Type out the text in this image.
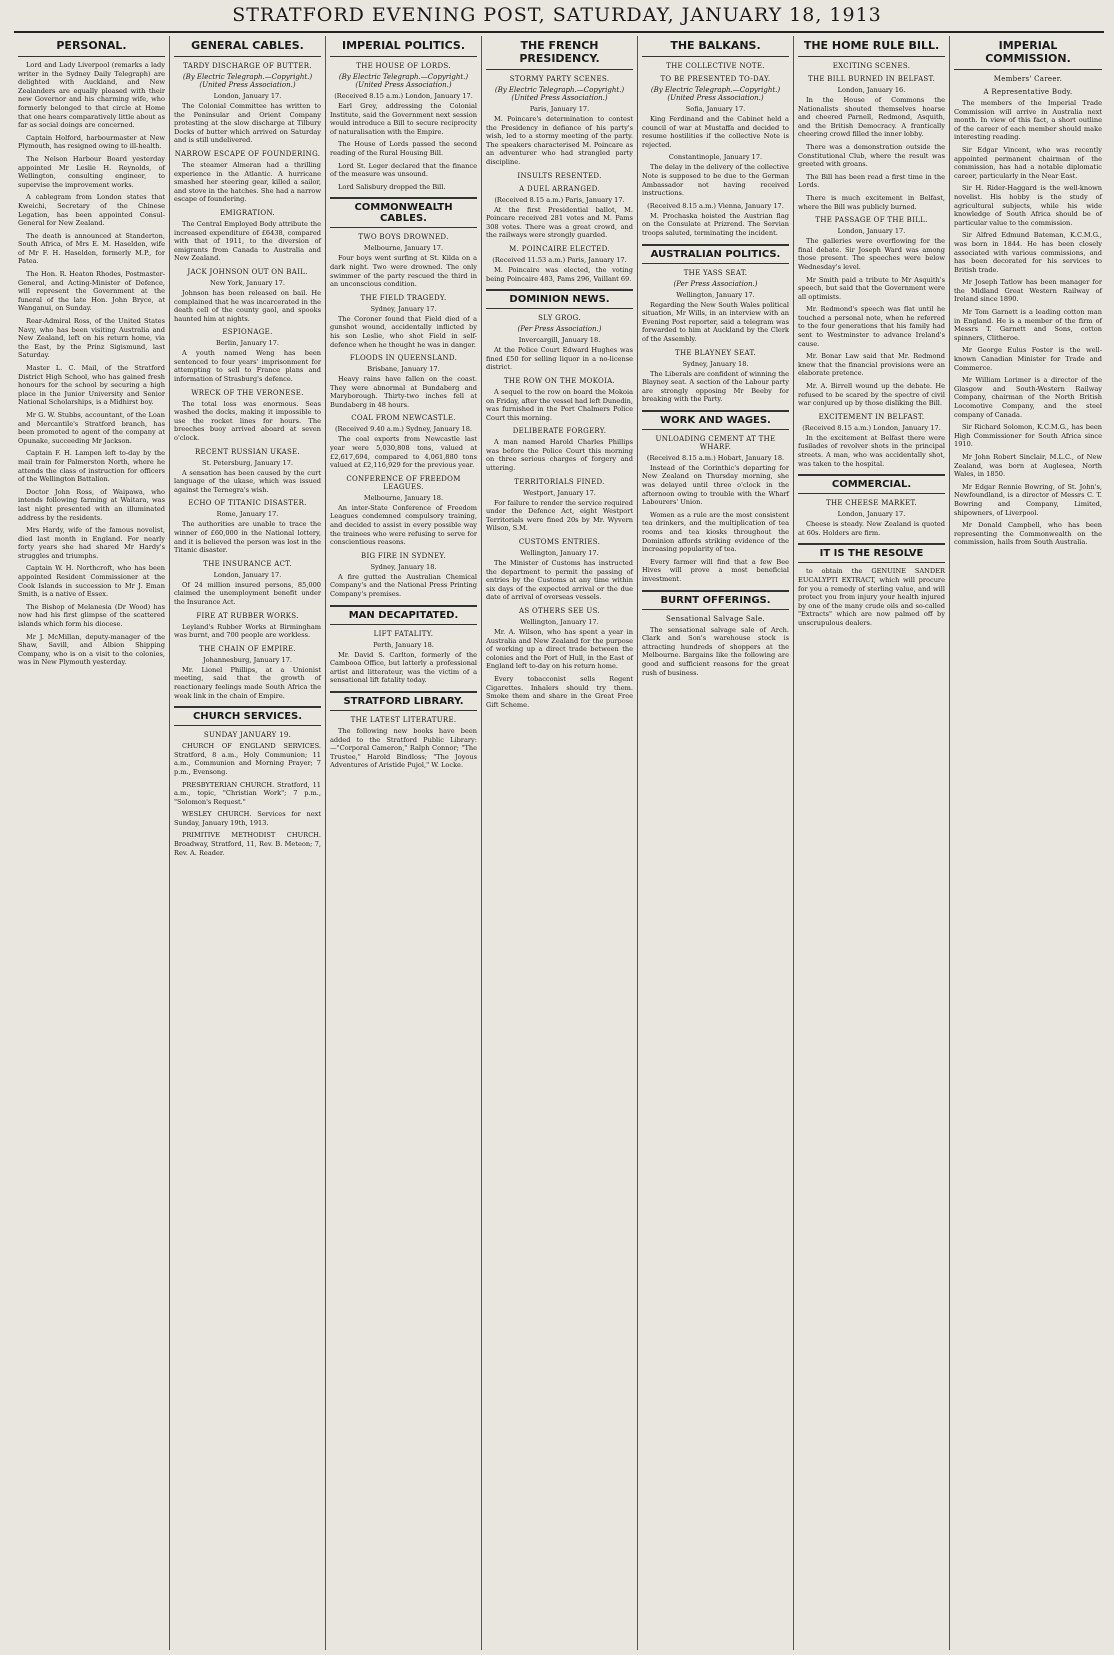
STRATFORD EVENING POST, SATURDAY, JANUARY 18, 1913
PERSONAL.

Lord and Lady Liverpool (remarks a lady writer in the Sydney Daily Telegraph) are delighted with Auckland, and New Zealanders are equally pleased with their new Governor and his charming wife, who formerly belonged to that circle at Home that one hears comparatively little about as far as social doings are concerned.

Captain Holford, harbourmaster at New Plymouth, has resigned owing to ill-health.

The Nelson Harbour Board yesterday appointed Mr Leslie H. Reynolds, of Wellington, consulting engineer, to supervise the improvement works.

A cablegram from London states that Kweichi, Secretary of the Chinese Legation, has been appointed Consul-General for New Zealand.

The death is announced at Standerton, South Africa, of Mrs E. M. Haselden, wife of Mr F. H. Haselden, formerly M.P., for Patea.

The Hon. R. Heaton Rhodes, Postmaster-General, and Acting-Minister of Defence, will represent the Government at the funeral of the late Hon. John Bryce, at Wanganui, on Sunday.

Rear-Admiral Ross, of the United States Navy, who has been visiting Australia and New Zealand, left on his return home, via the East, by the Prinz Sigismund, last Saturday.

Master L. C. Mail, of the Stratford District High School, who has gained fresh honours for the school by securing a high place in the Junior University and Senior National Scholarships, is a Midhirst boy.

Mr G. W. Stubbs, accountant, of the Loan and Mercantile's Stratford branch, has been promoted to agent of the company at Opunake, succeeding Mr Jackson.

Captain F. H. Lampen left to-day by the mail train for Palmerston North, where he attends the class of instruction for officers of the Wellington Battalion.

Doctor John Ross, of Waipawa, who intends following farming at Waitara, was last night presented with an illuminated address by the residents.

Mrs Hardy, wife of the famous novelist, died last month in England. For nearly forty years she had shared Mr Hardy's struggles and triumphs.

Captain W. H. Northcroft, who has been appointed Resident Commissioner at the Cook Islands in succession to Mr J. Eman Smith, is a native of Essex.

The Bishop of Melanesia (Dr Wood) has now had his first glimpse of the scattered islands which form his diocese.

Mr J. McMillan, deputy-manager of the Shaw, Savill, and Albion Shipping Company, who is on a visit to the colonies, was in New Plymouth yesterday.

GENERAL CABLES.
TARDY DISCHARGE OF BUTTER.
(By Electric Telegraph.—Copyright.) (United Press Association.)
London, January 17.

The Colonial Committee has written to the Peninsular and Orient Company protesting at the slow discharge at Tilbury Docks of butter which arrived on Saturday and is still undelivered.

NARROW ESCAPE OF FOUNDERING.

The steamer Almeran had a thrilling experience in the Atlantic. A hurricane smashed her steering gear, killed a sailor, and stove in the hatches. She had a narrow escape of foundering.

EMIGRATION.

The Central Employed Body attribute the increased expenditure of £6438, compared with that of 1911, to the diversion of emigrants from Canada to Australia and New Zealand.

JACK JOHNSON OUT ON BAIL.
New York, January 17.

Johnson has been released on bail. He complained that he was incarcerated in the death cell of the county gaol, and spooks haunted him at nights.

ESPIONAGE.
Berlin, January 17.

A youth named Weng has been sentenced to four years' imprisonment for attempting to sell to France plans and information of Strasburg's defence.

WRECK OF THE VERONESE.

The total loss was enormous. Seas washed the docks, making it impossible to use the rocket lines for hours. The breeches buoy arrived aboard at seven o'clock.

RECENT RUSSIAN UKASE.
St. Petersburg, January 17.

A sensation has been caused by the curt language of the ukase, which was issued against the Ternegra's wish.

ECHO OF TITANIC DISASTER.
Rome, January 17.

The authorities are unable to trace the winner of £60,000 in the National lottery, and it is believed the person was lost in the Titanic disaster.

THE INSURANCE ACT.
London, January 17.

Of 24 million insured persons, 85,000 claimed the unemployment benefit under the Insurance Act.

FIRE AT RUBBER WORKS.

Leyland's Rubber Works at Birmingham was burnt, and 700 people are workless.

THE CHAIN OF EMPIRE.
Johannesburg, January 17.

Mr. Lionel Phillips, at a Unionist meeting, said that the growth of reactionary feelings made South Africa the weak link in the chain of Empire.

CHURCH SERVICES.
SUNDAY JANUARY 19.

CHURCH OF ENGLAND SERVICES. Stratford, 8 a.m., Holy Communion; 11 a.m., Communion and Morning Prayer; 7 p.m., Evensong.

PRESBYTERIAN CHURCH. Stratford, 11 a.m., topic, "Christian Work"; 7 p.m., "Solomon's Request."

WESLEY CHURCH. Services for next Sunday, January 19th, 1913.

PRIMITIVE METHODIST CHURCH. Broadway, Stratford, 11, Rev. B. Meteon; 7, Rev. A. Reader.

IMPERIAL POLITICS.
THE HOUSE OF LORDS.
(By Electric Telegraph.—Copyright.) (United Press Association.)
(Received 8.15 a.m.) London, January 17.

Earl Grey, addressing the Colonial Institute, said the Government next session would introduce a Bill to secure reciprocity of naturalisation with the Empire.

The House of Lords passed the second reading of the Rural Housing Bill.

Lord St. Leger declared that the finance of the measure was unsound.

Lord Salisbury dropped the Bill.

COMMONWEALTH CABLES.
TWO BOYS DROWNED.
Melbourne, January 17.

Four boys went surfing at St. Kilda on a dark night. Two were drowned. The only swimmer of the party rescued the third in an unconscious condition.

THE FIELD TRAGEDY.
Sydney, January 17.

The Coroner found that Field died of a gunshot wound, accidentally inflicted by his son Leslie, who shot Field in self-defence when he thought he was in danger.

FLOODS IN QUEENSLAND.
Brisbane, January 17.

Heavy rains have fallen on the coast. They were abnormal at Bundaberg and Maryborough. Thirty-two inches fell at Bundaberg in 48 hours.

COAL FROM NEWCASTLE.
(Received 9.40 a.m.) Sydney, January 18.

The coal exports from Newcastle last year were 5,030,808 tons, valued at £2,617,694, compared to 4,061,880 tons valued at £2,116,929 for the previous year.

CONFERENCE OF FREEDOM LEAGUES.
Melbourne, January 18.

An inter-State Conference of Freedom Leagues condemned compulsory training, and decided to assist in every possible way the trainees who were refusing to serve for conscientious reasons.

BIG FIRE IN SYDNEY.
Sydney, January 18.

A fire gutted the Australian Chemical Company's and the National Press Printing Company's premises.

MAN DECAPITATED.
LIFT FATALITY.
Perth, January 18.

Mr. David S. Carlton, formerly of the Cambooa Office, but latterly a professional artist and litterateur, was the victim of a sensational lift fatality today.

STRATFORD LIBRARY.
THE LATEST LITERATURE.

The following new books have been added to the Stratford Public Library:—"Corporal Cameron," Ralph Connor; "The Trustee," Harold Bindloss; "The Joyous Adventures of Aristide Pujol," W. Locke.

THE FRENCH PRESIDENCY.
STORMY PARTY SCENES.
(By Electric Telegraph.—Copyright.) (United Press Association.)
Paris, January 17.

M. Poincare's determination to contest the Presidency in defiance of his party's wish, led to a stormy meeting of the party. The speakers characterised M. Poincare as an adventurer who had strangled party discipline.

INSULTS RESENTED.
A DUEL ARRANGED.
(Received 8.15 a.m.) Paris, January 17.

At the first Presidential ballot, M. Poincare received 281 votes and M. Pams 308 votes. There was a great crowd, and the railways were strongly guarded.

M. POINCAIRE ELECTED.
(Received 11.53 a.m.) Paris, January 17.

M. Poincaire was elected, the voting being Poincaire 483, Pams 296, Vaillant 69.

DOMINION NEWS.
SLY GROG.
(Per Press Association.)
Invercargill, January 18.

At the Police Court Edward Hughes was fined £50 for selling liquor in a no-license district.

THE ROW ON THE MOKOIA.

A sequel to the row on board the Mokoia on Friday, after the vessel had left Dunedin, was furnished in the Port Chalmers Police Court this morning.

DELIBERATE FORGERY.

A man named Harold Charles Phillips was before the Police Court this morning on three serious charges of forgery and uttering.

TERRITORIALS FINED.
Westport, January 17.

For failure to render the service required under the Defence Act, eight Westport Territorials were fined 20s by Mr. Wyvern Wilson, S.M.

CUSTOMS ENTRIES.
Wellington, January 17.

The Minister of Customs has instructed the department to permit the passing of entries by the Customs at any time within six days of the expected arrival or the due date of arrival of overseas vessels.

AS OTHERS SEE US.
Wellington, January 17.

Mr. A. Wilson, who has spent a year in Australia and New Zealand for the purpose of working up a direct trade between the colonies and the Port of Hull, in the East of England left to-day on his return home.

Every tobacconist sells Regent Cigarettes. Inhalers should try them. Smoke them and share in the Great Free Gift Scheme.

THE BALKANS.
THE COLLECTIVE NOTE.
TO BE PRESENTED TO-DAY.
(By Electric Telegraph.—Copyright.) (United Press Association.)
Sofia, January 17.

King Ferdinand and the Cabinet held a council of war at Mustaffa and decided to resume hostilities if the collective Note is rejected.

Constantinople, January 17.

The delay in the delivery of the collective Note is supposed to be due to the German Ambassador not having received instructions.

(Received 8.15 a.m.) Vienna, January 17.

M. Prochaska hoisted the Austrian flag on the Consulate at Prizrend. The Servian troops saluted, terminating the incident.

AUSTRALIAN POLITICS.
THE YASS SEAT.
(Per Press Association.)
Wellington, January 17.

Regarding the New South Wales political situation, Mr Wills, in an interview with an Evening Post reporter, said a telegram was forwarded to him at Auckland by the Clerk of the Assembly.

THE BLAYNEY SEAT.
Sydney, January 18.

The Liberals are confident of winning the Blayney seat. A section of the Labour party are strongly opposing Mr Beeby for breaking with the Party.

WORK AND WAGES.
UNLOADING CEMENT AT THE WHARF.
(Received 8.15 a.m.) Hobart, January 18.

Instead of the Corinthic's departing for New Zealand on Thursday morning, she was delayed until three o'clock in the afternoon owing to trouble with the Wharf Labourers' Union.

Women as a rule are the most consistent tea drinkers, and the multiplication of tea rooms and tea kiosks throughout the Dominion affords striking evidence of the increasing popularity of tea.

Every farmer will find that a few Bee Hives will prove a most beneficial investment.

BURNT OFFERINGS.
Sensational Salvage Sale.

The sensational salvage sale of Arch. Clark and Son's warehouse stock is attracting hundreds of shoppers at the Melbourne. Bargains like the following are good and sufficient reasons for the great rush of business.

THE HOME RULE BILL.
EXCITING SCENES.
THE BILL BURNED IN BELFAST.
London, January 16.

In the House of Commons the Nationalists shouted themselves hoarse and cheered Parnell, Redmond, Asquith, and the British Democracy. A frantically cheering crowd filled the inner lobby.

There was a demonstration outside the Constitutional Club, where the result was greeted with groans.

The Bill has been read a first time in the Lords.

There is much excitement in Belfast, where the Bill was publicly burned.

THE PASSAGE OF THE BILL.
London, January 17.

The galleries were overflowing for the final debate. Sir Joseph Ward was among those present. The speeches were below Wednesday's level.

Mr Smith paid a tribute to Mr Asquith's speech, but said that the Government were all optimists.

Mr. Redmond's speech was flat until he touched a personal note, when he referred to the four generations that his family had sent to Westminster to advance Ireland's cause.

Mr. Bonar Law said that Mr. Redmond knew that the financial provisions were an elaborate pretence.

Mr. A. Birrell wound up the debate. He refused to be scared by the spectre of civil war conjured up by those disliking the Bill.

EXCITEMENT IN BELFAST.
(Received 8.15 a.m.) London, January 17.

In the excitement at Belfast there were fusilades of revolver shots in the principal streets. A man, who was accidentally shot, was taken to the hospital.

COMMERCIAL.
THE CHEESE MARKET.
London, January 17.

Cheese is steady. New Zealand is quoted at 60s. Holders are firm.

IT IS THE RESOLVE

to obtain the GENUINE SANDER EUCALYPTI EXTRACT, which will procure for you a remedy of sterling value, and will protect you from injury your health injured by one of the many crude oils and so-called "Extracts" which are now palmed off by unscrupulous dealers.

IMPERIAL COMMISSION.
Members' Career.
A Representative Body.

The members of the Imperial Trade Commission will arrive in Australia next month. In view of this fact, a short outline of the career of each member should make interesting reading.

Sir Edgar Vincent, who was recently appointed permanent chairman of the commission, has had a notable diplomatic career, particularly in the Near East.

Sir H. Rider-Haggard is the well-known novelist. His hobby is the study of agricultural subjects, while his wide knowledge of South Africa should be of particular value to the commission.

Sir Alfred Edmund Bateman, K.C.M.G., was born in 1844. He has been closely associated with various commissions, and has been decorated for his services to British trade.

Mr Joseph Tatlow has been manager for the Midland Great Western Railway of Ireland since 1890.

Mr Tom Garnett is a leading cotton man in England. He is a member of the firm of Messrs T. Garnett and Sons, cotton spinners, Clitheroe.

Mr George Eulus Foster is the well-known Canadian Minister for Trade and Commerce.

Mr William Lorimer is a director of the Glasgow and South-Western Railway Company, chairman of the North British Locomotive Company, and the steel company of Canada.

Sir Richard Solomon, K.C.M.G., has been High Commissioner for South Africa since 1910.

Mr John Robert Sinclair, M.L.C., of New Zealand, was born at Auglesea, North Wales, in 1850.

Mr Edgar Rennie Bowring, of St. John's, Newfoundland, is a director of Messrs C. T. Bowring and Company, Limited, shipowners, of Liverpool.

Mr Donald Campbell, who has been representing the Commonwealth on the commission, hails from South Australia.
